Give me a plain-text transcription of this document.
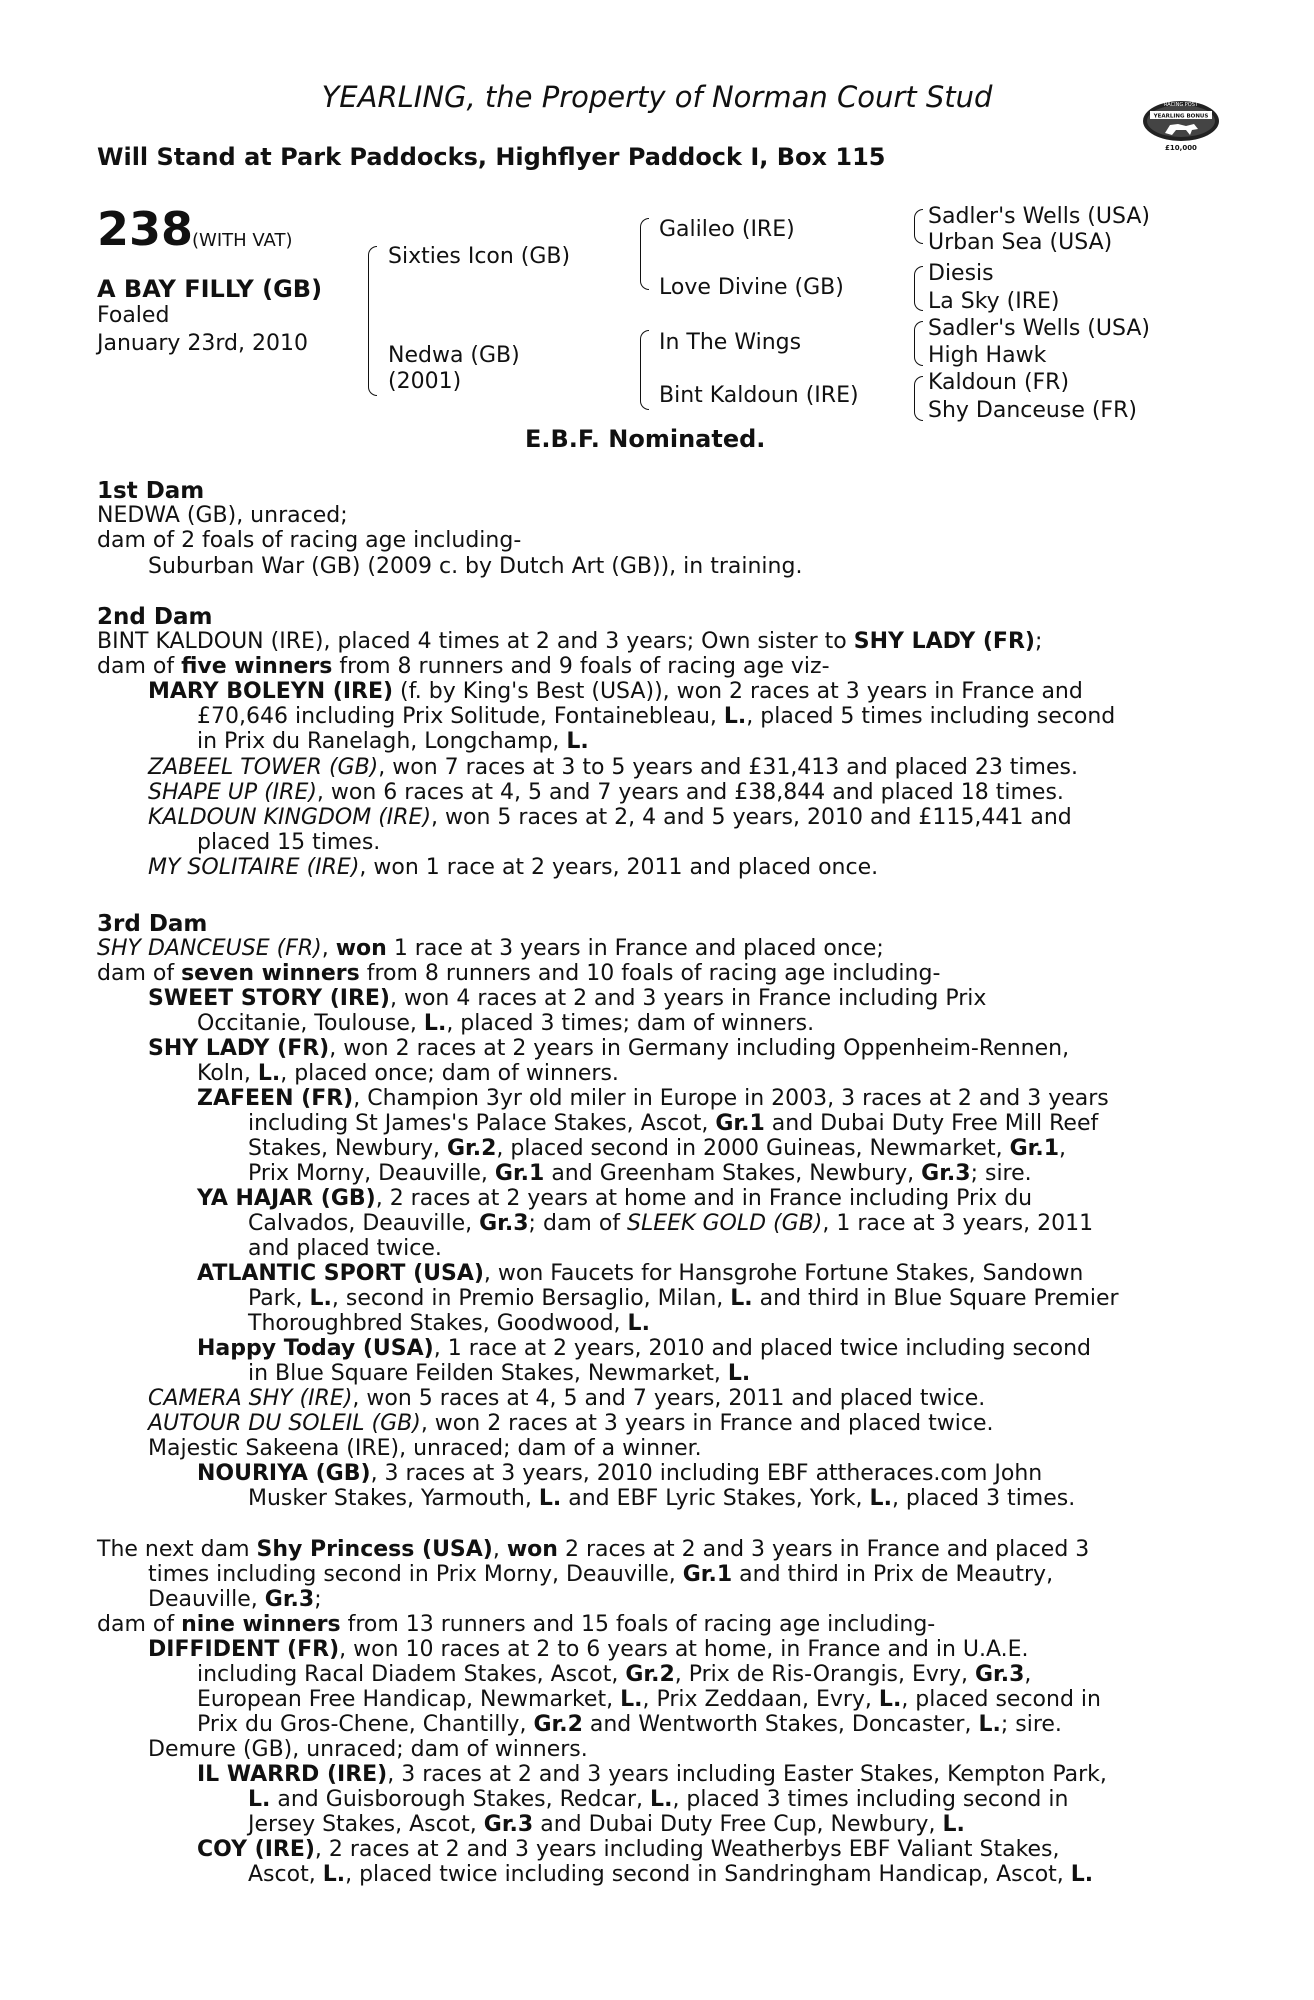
YEARLING, the Property of Norman Court Stud
Will Stand at Park Paddocks, Highflyer Paddock I, Box 115
RACING POST
YEARLING BONUS
£10,000
238
(WITH VAT)
A BAY FILLY (GB)
Foaled
January 23rd, 2010
Sixties Icon (GB)
Nedwa (GB)
(2001)
Galileo (IRE)
Love Divine (GB)
In The Wings
Bint Kaldoun (IRE)
Sadler's Wells (USA)
Urban Sea (USA)
Diesis
La Sky (IRE)
Sadler's Wells (USA)
High Hawk
Kaldoun (FR)
Shy Danceuse (FR)
E.B.F. Nominated.
1st Dam
NEDWA (GB), unraced;
dam of 2 foals of racing age including-
Suburban War (GB) (2009 c. by Dutch Art (GB)), in training.
2nd Dam
BINT KALDOUN (IRE), placed 4 times at 2 and 3 years; Own sister to SHY LADY (FR);
dam of five winners from 8 runners and 9 foals of racing age viz-
MARY BOLEYN (IRE) (f. by King's Best (USA)), won 2 races at 3 years in France and
£70,646 including Prix Solitude, Fontainebleau, L., placed 5 times including second
in Prix du Ranelagh, Longchamp, L.
ZABEEL TOWER (GB), won 7 races at 3 to 5 years and £31,413 and placed 23 times.
SHAPE UP (IRE), won 6 races at 4, 5 and 7 years and £38,844 and placed 18 times.
KALDOUN KINGDOM (IRE), won 5 races at 2, 4 and 5 years, 2010 and £115,441 and
placed 15 times.
MY SOLITAIRE (IRE), won 1 race at 2 years, 2011 and placed once.
3rd Dam
SHY DANCEUSE (FR), won 1 race at 3 years in France and placed once;
dam of seven winners from 8 runners and 10 foals of racing age including-
SWEET STORY (IRE), won 4 races at 2 and 3 years in France including Prix
Occitanie, Toulouse, L., placed 3 times; dam of winners.
SHY LADY (FR), won 2 races at 2 years in Germany including Oppenheim-Rennen,
Koln, L., placed once; dam of winners.
ZAFEEN (FR), Champion 3yr old miler in Europe in 2003, 3 races at 2 and 3 years
including St James's Palace Stakes, Ascot, Gr.1 and Dubai Duty Free Mill Reef
Stakes, Newbury, Gr.2, placed second in 2000 Guineas, Newmarket, Gr.1,
Prix Morny, Deauville, Gr.1 and Greenham Stakes, Newbury, Gr.3; sire.
YA HAJAR (GB), 2 races at 2 years at home and in France including Prix du
Calvados, Deauville, Gr.3; dam of SLEEK GOLD (GB), 1 race at 3 years, 2011
and placed twice.
ATLANTIC SPORT (USA), won Faucets for Hansgrohe Fortune Stakes, Sandown
Park, L., second in Premio Bersaglio, Milan, L. and third in Blue Square Premier
Thoroughbred Stakes, Goodwood, L.
Happy Today (USA), 1 race at 2 years, 2010 and placed twice including second
in Blue Square Feilden Stakes, Newmarket, L.
CAMERA SHY (IRE), won 5 races at 4, 5 and 7 years, 2011 and placed twice.
AUTOUR DU SOLEIL (GB), won 2 races at 3 years in France and placed twice.
Majestic Sakeena (IRE), unraced; dam of a winner.
NOURIYA (GB), 3 races at 3 years, 2010 including EBF attheraces.com John
Musker Stakes, Yarmouth, L. and EBF Lyric Stakes, York, L., placed 3 times.
The next dam Shy Princess (USA), won 2 races at 2 and 3 years in France and placed 3
times including second in Prix Morny, Deauville, Gr.1 and third in Prix de Meautry,
Deauville, Gr.3;
dam of nine winners from 13 runners and 15 foals of racing age including-
DIFFIDENT (FR), won 10 races at 2 to 6 years at home, in France and in U.A.E.
including Racal Diadem Stakes, Ascot, Gr.2, Prix de Ris-Orangis, Evry, Gr.3,
European Free Handicap, Newmarket, L., Prix Zeddaan, Evry, L., placed second in
Prix du Gros-Chene, Chantilly, Gr.2 and Wentworth Stakes, Doncaster, L.; sire.
Demure (GB), unraced; dam of winners.
IL WARRD (IRE), 3 races at 2 and 3 years including Easter Stakes, Kempton Park,
L. and Guisborough Stakes, Redcar, L., placed 3 times including second in
Jersey Stakes, Ascot, Gr.3 and Dubai Duty Free Cup, Newbury, L.
COY (IRE), 2 races at 2 and 3 years including Weatherbys EBF Valiant Stakes,
Ascot, L., placed twice including second in Sandringham Handicap, Ascot, L.
